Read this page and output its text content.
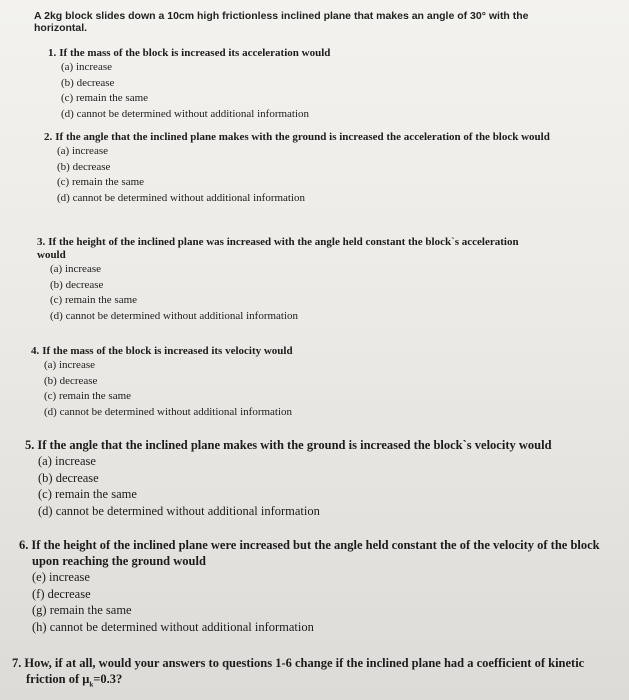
A 2kg block slides down a 10cm high frictionless inclined plane that makes an angle of 30° with the horizontal.
1. If the mass of the block is increased its acceleration would
(a) increase
(b) decrease
(c) remain the same
(d) cannot be determined without additional information
2. If the angle that the inclined plane makes with the ground is increased the acceleration of the block would
(a) increase
(b) decrease
(c) remain the same
(d) cannot be determined without additional information
3. If the height of the inclined plane was increased with the angle held constant the block`s acceleration would
(a) increase
(b) decrease
(c) remain the same
(d) cannot be determined without additional information
4. If the mass of the block is increased its velocity would
(a) increase
(b) decrease
(c) remain the same
(d) cannot be determined without additional information
5. If the angle that the inclined plane makes with the ground is increased the block`s velocity would
(a) increase
(b) decrease
(c) remain the same
(d) cannot be determined without additional information
6. If the height of the inclined plane were increased but the angle held constant the of the velocity of the block upon reaching the ground would
(e) increase
(f) decrease
(g) remain the same
(h) cannot be determined without additional information
7. How, if at all, would your answers to questions 1-6 change if the inclined plane had a coefficient of kinetic friction of $\mu_k=0.3$?
